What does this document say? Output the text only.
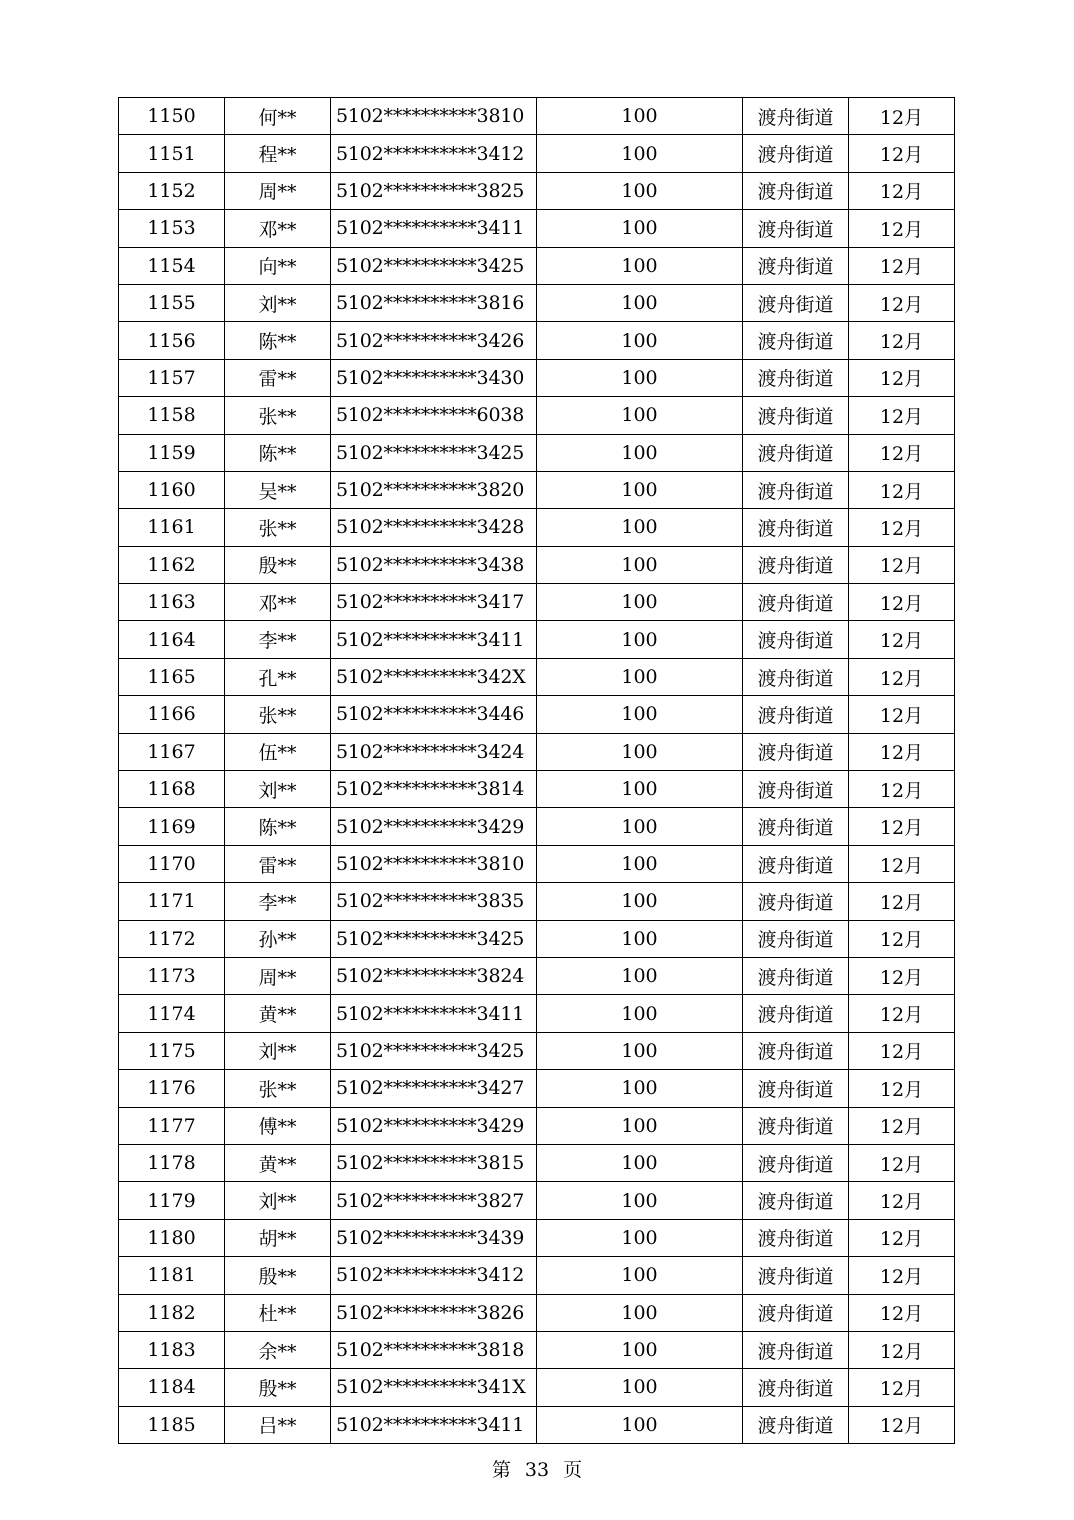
1150	何**	5102**********3810	100	渡舟街道	12月
1151	程**	5102**********3412	100	渡舟街道	12月
1152	周**	5102**********3825	100	渡舟街道	12月
1153	邓**	5102**********3411	100	渡舟街道	12月
1154	向**	5102**********3425	100	渡舟街道	12月
1155	刘**	5102**********3816	100	渡舟街道	12月
1156	陈**	5102**********3426	100	渡舟街道	12月
1157	雷**	5102**********3430	100	渡舟街道	12月
1158	张**	5102**********6038	100	渡舟街道	12月
1159	陈**	5102**********3425	100	渡舟街道	12月
1160	吴**	5102**********3820	100	渡舟街道	12月
1161	张**	5102**********3428	100	渡舟街道	12月
1162	殷**	5102**********3438	100	渡舟街道	12月
1163	邓**	5102**********3417	100	渡舟街道	12月
1164	李**	5102**********3411	100	渡舟街道	12月
1165	孔**	5102**********342X	100	渡舟街道	12月
1166	张**	5102**********3446	100	渡舟街道	12月
1167	伍**	5102**********3424	100	渡舟街道	12月
1168	刘**	5102**********3814	100	渡舟街道	12月
1169	陈**	5102**********3429	100	渡舟街道	12月
1170	雷**	5102**********3810	100	渡舟街道	12月
1171	李**	5102**********3835	100	渡舟街道	12月
1172	孙**	5102**********3425	100	渡舟街道	12月
1173	周**	5102**********3824	100	渡舟街道	12月
1174	黄**	5102**********3411	100	渡舟街道	12月
1175	刘**	5102**********3425	100	渡舟街道	12月
1176	张**	5102**********3427	100	渡舟街道	12月
1177	傅**	5102**********3429	100	渡舟街道	12月
1178	黄**	5102**********3815	100	渡舟街道	12月
1179	刘**	5102**********3827	100	渡舟街道	12月
1180	胡**	5102**********3439	100	渡舟街道	12月
1181	殷**	5102**********3412	100	渡舟街道	12月
1182	杜**	5102**********3826	100	渡舟街道	12月
1183	余**	5102**********3818	100	渡舟街道	12月
1184	殷**	5102**********341X	100	渡舟街道	12月
1185	吕**	5102**********3411	100	渡舟街道	12月
第 33 页
